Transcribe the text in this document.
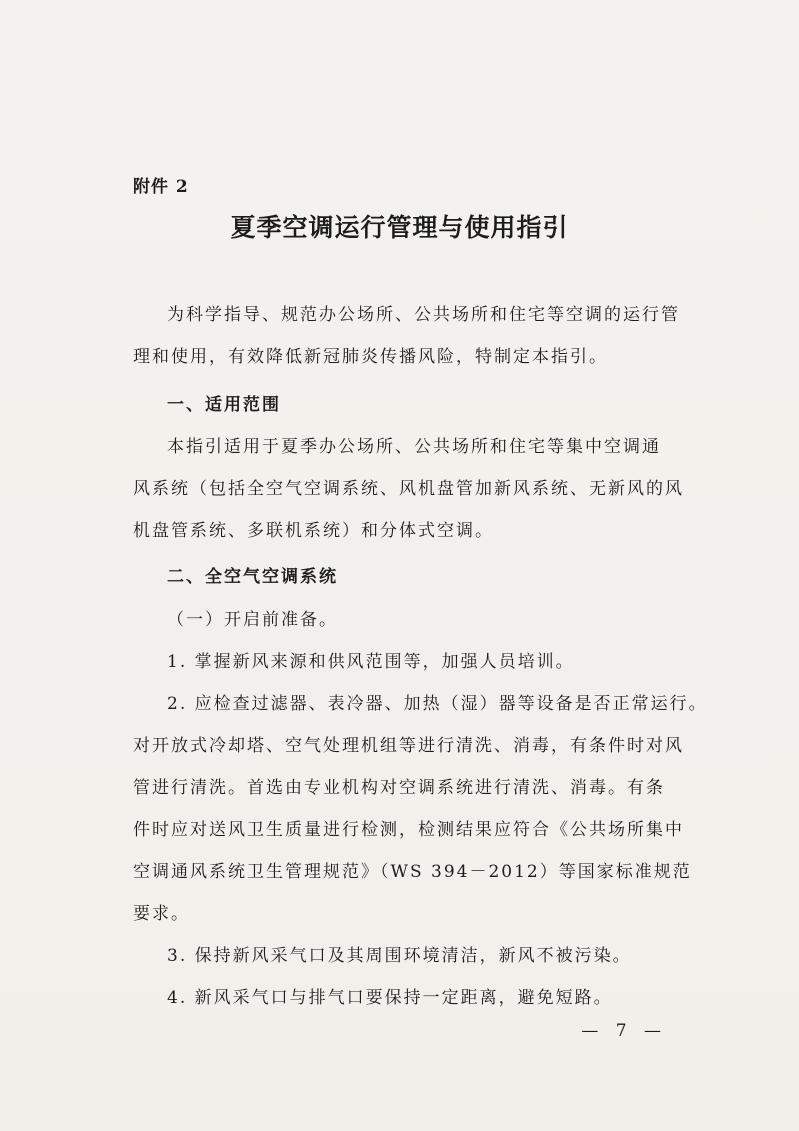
附件 2
夏季空调运行管理与使用指引
为科学指导、规范办公场所、公共场所和住宅等空调的运行管
理和使用，有效降低新冠肺炎传播风险，特制定本指引。
一、适用范围
本指引适用于夏季办公场所、公共场所和住宅等集中空调通
风系统（包括全空气空调系统、风机盘管加新风系统、无新风的风
机盘管系统、多联机系统）和分体式空调。
二、全空气空调系统
（一）开启前准备。
1. 掌握新风来源和供风范围等，加强人员培训。
2. 应检查过滤器、表冷器、加热（湿）器等设备是否正常运行。
对开放式冷却塔、空气处理机组等进行清洗、消毒，有条件时对风
管进行清洗。首选由专业机构对空调系统进行清洗、消毒。有条
件时应对送风卫生质量进行检测，检测结果应符合《公共场所集中
空调通风系统卫生管理规范》（WS 394－2012）等国家标准规范
要求。
3. 保持新风采气口及其周围环境清洁，新风不被污染。
4. 新风采气口与排气口要保持一定距离，避免短路。
— 7 —
